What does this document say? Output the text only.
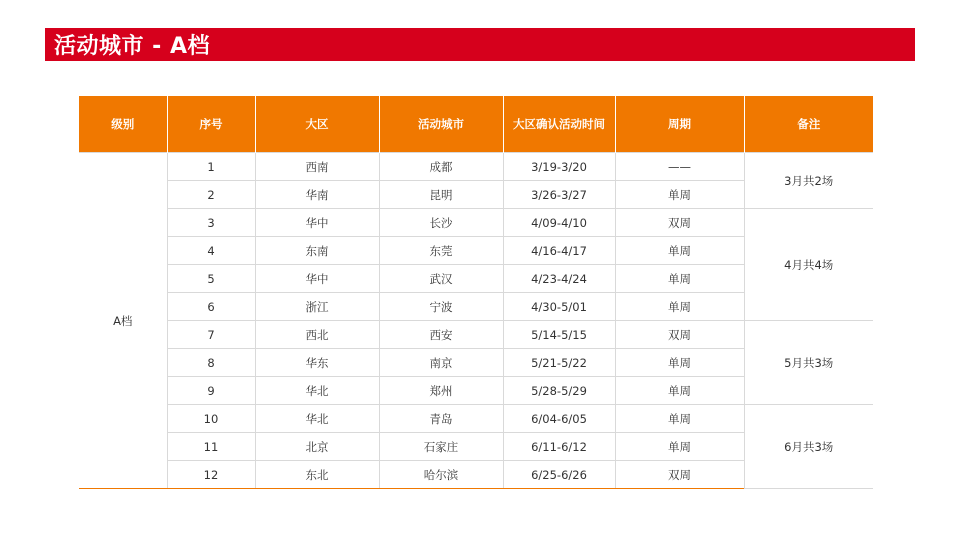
活动城市 - A档
级别	序号	大区	活动城市	大区确认活动时间	周期	备注
A档	1	西南	成都	3/19-3/20	——	3月共2场
	2	华南	昆明	3/26-3/27	单周	
	3	华中	长沙	4/09-4/10	双周	4月共4场
	4	东南	东莞	4/16-4/17	单周	
	5	华中	武汉	4/23-4/24	单周	
	6	浙江	宁波	4/30-5/01	单周	
	7	西北	西安	5/14-5/15	双周	5月共3场
	8	华东	南京	5/21-5/22	单周	
	9	华北	郑州	5/28-5/29	单周	
	10	华北	青岛	6/04-6/05	单周	6月共3场
	11	北京	石家庄	6/11-6/12	单周	
	12	东北	哈尔滨	6/25-6/26	双周	
